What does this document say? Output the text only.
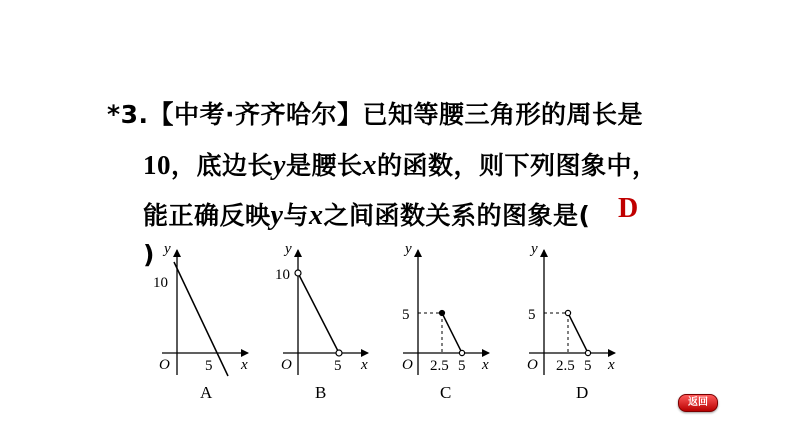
*3.【中考·齐齐哈尔】已知等腰三角形的周长是
10，底边长y是腰长x的函数，则下列图象中，
能正确反映y与x之间函数关系的图象是(
)
D
y
x
O
10
5
A
y
x
O
10
5
B
y
x
O
5
2.5 5
C
y
x
O
5
2.5 5
D
返回
